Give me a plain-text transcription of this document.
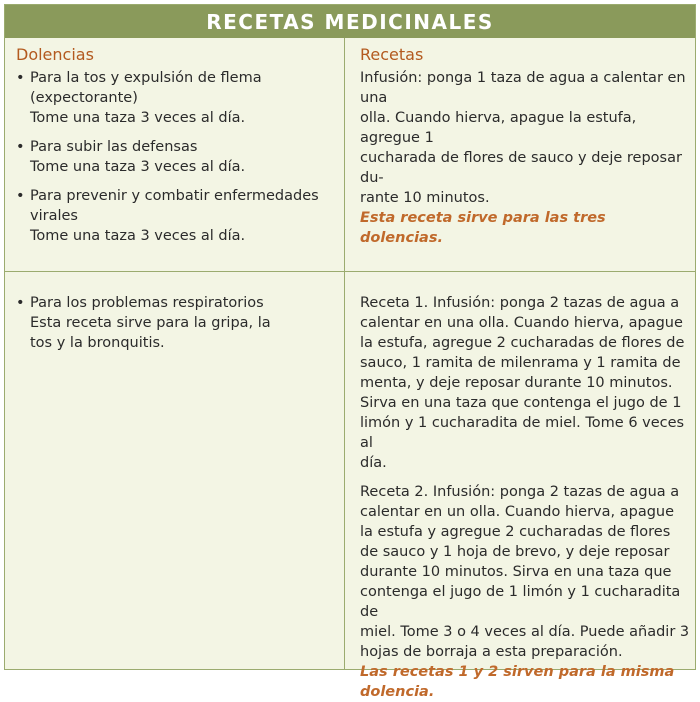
RECETAS MEDICINALES
Dolencias	Recetas
• Para la tos y expulsión de flema
(expectorante)
Tome una taza 3 veces al día.
• Para subir las defensas
Tome una taza 3 veces al día.
• Para prevenir y combatir enfermedades
virales
Tome una taza 3 veces al día.
Infusión: ponga 1 taza de agua a calentar en una
olla. Cuando hierva, apague la estufa, agregue 1
cucharada de flores de sauco y deje reposar du-
rante 10 minutos.
Esta receta sirve para las tres dolencias.
• Para los problemas respiratorios
Esta receta sirve para la gripa, la
tos y la bronquitis.
Receta 1. Infusión: ponga 2 tazas de agua a
calentar en una olla. Cuando hierva, apague
la estufa, agregue 2 cucharadas de flores de
sauco, 1 ramita de milenrama y 1 ramita de
menta, y deje reposar durante 10 minutos.
Sirva en una taza que contenga el jugo de 1
limón y 1 cucharadita de miel. Tome 6 veces al
día.
Receta 2. Infusión: ponga 2 tazas de agua a
calentar en un olla. Cuando hierva, apague
la estufa y agregue 2 cucharadas de flores
de sauco y 1 hoja de brevo, y deje reposar
durante 10 minutos. Sirva en una taza que
contenga el jugo de 1 limón y 1 cucharadita de
miel. Tome 3 o 4 veces al día. Puede añadir 3
hojas de borraja a esta preparación.
Las recetas 1 y 2 sirven para la misma
dolencia.
